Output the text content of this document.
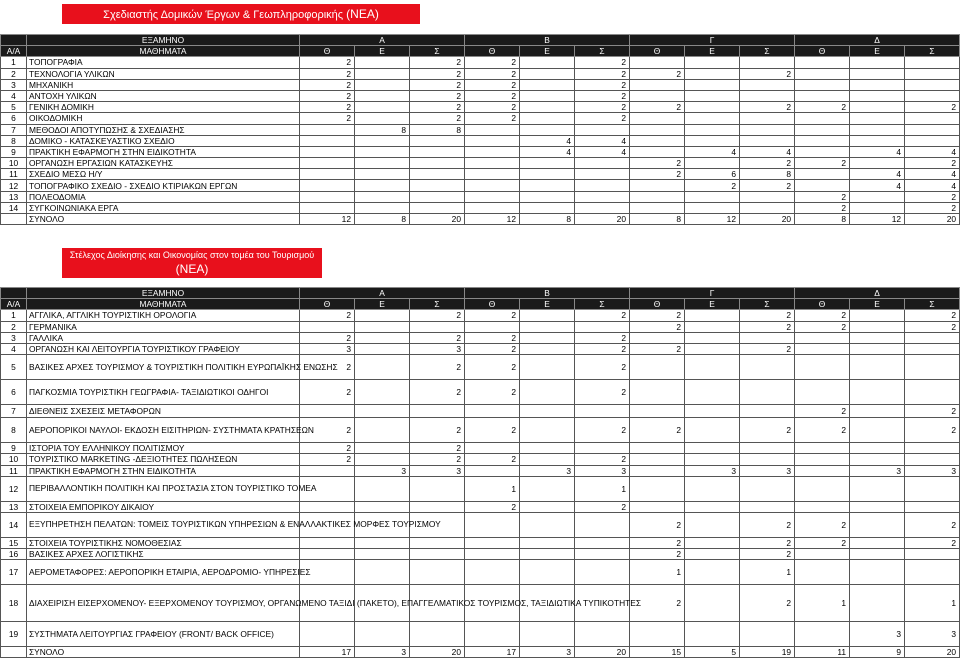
Σχεδιαστής Δομικών Έργων & Γεωπληροφορικής (ΝΕΑ)
	ΕΞΑΜΗΝΟ	Α			Β			Γ			Δ		
Α/Α	ΜΑΘΗΜΑΤΑ	Θ	Ε	Σ	Θ	Ε	Σ	Θ	Ε	Σ	Θ	Ε	Σ
1	ΤΟΠΟΓΡΑΦΙΑ	2		2	2		2						
2	ΤΕΧΝΟΛΟΓΙΑ ΥΛΙΚΩΝ	2		2	2		2	2		2			
3	ΜΗΧΑΝΙΚΗ	2		2	2		2						
4	ΑΝΤΟΧΗ ΥΛΙΚΩΝ	2		2	2		2						
5	ΓΕΝΙΚΗ ΔΟΜΙΚΗ	2		2	2		2	2		2	2		2
6	ΟΙΚΟΔΟΜΙΚΗ	2		2	2		2						
7	ΜΕΘΟΔΟΙ ΑΠΟΤΥΠΩΣΗΣ & ΣΧΕΔΙΑΣΗΣ		8	8									
8	ΔΟΜΙΚΟ - ΚΑΤΑΣΚΕΥΑΣΤΙΚΟ ΣΧΕΔΙΟ					4	4						
9	ΠΡΑΚΤΙΚΗ ΕΦΑΡΜΟΓΗ ΣΤΗΝ ΕΙΔΙΚΟΤΗΤΑ					4	4		4	4		4	4
10	ΟΡΓΑΝΩΣΗ ΕΡΓΑΣΙΩΝ ΚΑΤΑΣΚΕΥΗΣ							2		2	2		2
11	ΣΧΕΔΙΟ ΜΕΣΩ Η/Υ							2	6	8		4	4
12	ΤΟΠΟΓΡΑΦΙΚΟ ΣΧΕΔΙΟ - ΣΧΕΔΙΟ ΚΤΙΡΙΑΚΩΝ ΕΡΓΩΝ								2	2		4	4
13	ΠΟΛΕΟΔΟΜΙΑ										2		2
14	ΣΥΓΚΟΙΝΩΝΙΑΚΑ ΕΡΓΑ										2		2
	ΣΥΝΟΛΟ	12	8	20	12	8	20	8	12	20	8	12	20
Στέλεχος Διοίκησης και Οικονομίας στον τομέα του Τουρισμού
(ΝΕΑ)
	ΕΞΑΜΗΝΟ	Α			Β			Γ			Δ		
Α/Α	ΜΑΘΗΜΑΤΑ	Θ	Ε	Σ	Θ	Ε	Σ	Θ	Ε	Σ	Θ	Ε	Σ
1	ΑΓΓΛΙΚΑ, ΑΓΓΛΙΚΗ ΤΟΥΡΙΣΤΙΚΗ ΟΡΟΛΟΓΙΑ	2		2	2		2	2		2	2		2
2	ΓΕΡΜΑΝΙΚΑ							2		2	2		2
3	ΓΑΛΛΙΚΑ	2		2	2		2						
4	ΟΡΓΑΝΩΣΗ ΚΑΙ ΛΕΙΤΟΥΡΓΙΑ ΤΟΥΡΙΣΤΙΚΟΥ ΓΡΑΦΕΙΟΥ	3		3	2		2	2		2			
5	ΒΑΣΙΚΕΣ ΑΡΧΕΣ ΤΟΥΡΙΣΜΟΥ & ΤΟΥΡΙΣΤΙΚΗ ΠΟΛΙΤΙΚΗ ΕΥΡΩΠΑΪΚΗΣ ΕΝΩΣΗΣ	2		2	2		2						
6	ΠΑΓΚΟΣΜΙΑ ΤΟΥΡΙΣΤΙΚΗ ΓΕΩΓΡΑΦΙΑ- ΤΑΞΙΔΙΩΤΙΚΟΙ ΟΔΗΓΟΙ	2		2	2		2						
7	ΔΙΕΘΝΕΙΣ ΣΧΕΣΕΙΣ ΜΕΤΑΦΟΡΩΝ										2		2
8	ΑΕΡΟΠΟΡΙΚΟΙ ΝΑΥΛΟΙ- ΕΚΔΟΣΗ ΕΙΣΙΤΗΡΙΩΝ- ΣΥΣΤΗΜΑΤΑ ΚΡΑΤΗΣΕΩΝ	2		2	2		2	2		2	2		2
9	ΙΣΤΟΡΙΑ ΤΟΥ ΕΛΛΗΝΙΚΟΥ ΠΟΛΙΤΙΣΜΟΥ	2		2									
10	ΤΟΥΡΙΣΤΙΚΟ MARKETING -ΔΕΞΙΟΤΗΤΕΣ ΠΩΛΗΣΕΩΝ	2		2	2		2						
11	ΠΡΑΚΤΙΚΗ ΕΦΑΡΜΟΓΗ ΣΤΗΝ ΕΙΔΙΚΟΤΗΤΑ		3	3		3	3		3	3		3	3
12	ΠΕΡΙΒΑΛΛΟΝΤΙΚΗ ΠΟΛΙΤΙΚΗ ΚΑΙ ΠΡΟΣΤΑΣΙΑ ΣΤΟΝ ΤΟΥΡΙΣΤΙΚΟ ΤΟΜΕΑ				1		1						
13	ΣΤΟΙΧΕΙΑ ΕΜΠΟΡΙΚΟΥ ΔΙΚΑΙΟΥ				2		2						
14	ΕΞΥΠΗΡΕΤΗΣΗ ΠΕΛΑΤΩΝ: ΤΟΜΕΙΣ ΤΟΥΡΙΣΤΙΚΩΝ ΥΠΗΡΕΣΙΩΝ & ΕΝΑΛΛΑΚΤΙΚΕΣ ΜΟΡΦΕΣ ΤΟΥΡΙΣΜΟΥ							2		2	2		2
15	ΣΤΟΙΧΕΙΑ ΤΟΥΡΙΣΤΙΚΗΣ ΝΟΜΟΘΕΣΙΑΣ							2		2	2		2
16	ΒΑΣΙΚΕΣ ΑΡΧΕΣ ΛΟΓΙΣΤΙΚΗΣ							2		2			
17	ΑΕΡΟΜΕΤΑΦΟΡΕΣ: ΑΕΡΟΠΟΡΙΚΗ ΕΤΑΙΡΙΑ, ΑΕΡΟΔΡΟΜΙΟ- ΥΠΗΡΕΣΙΕΣ							1		1			
18	ΔΙΑΧΕΙΡΙΣΗ ΕΙΣΕΡΧΟΜΕΝΟΥ- ΕΞΕΡΧΟΜΕΝΟΥ ΤΟΥΡΙΣΜΟΥ, ΟΡΓΑΝΩΜΕΝΟ ΤΑΞΙΔΙ (ΠΑΚΕΤΟ), ΕΠΑΓΓΕΛΜΑΤΙΚΟΣ ΤΟΥΡΙΣΜΟΣ, ΤΑΞΙΔΙΩΤΙΚΑ ΤΥΠΙΚΟΤΗΤΕΣ							2		2	1		1
19	ΣΥΣΤΗΜΑΤΑ ΛΕΙΤΟΥΡΓΙΑΣ ΓΡΑΦΕΙΟΥ (FRONT/ BACK OFFICE)											3	3
	ΣΥΝΟΛΟ	17	3	20	17	3	20	15	5	19	11	9	20
